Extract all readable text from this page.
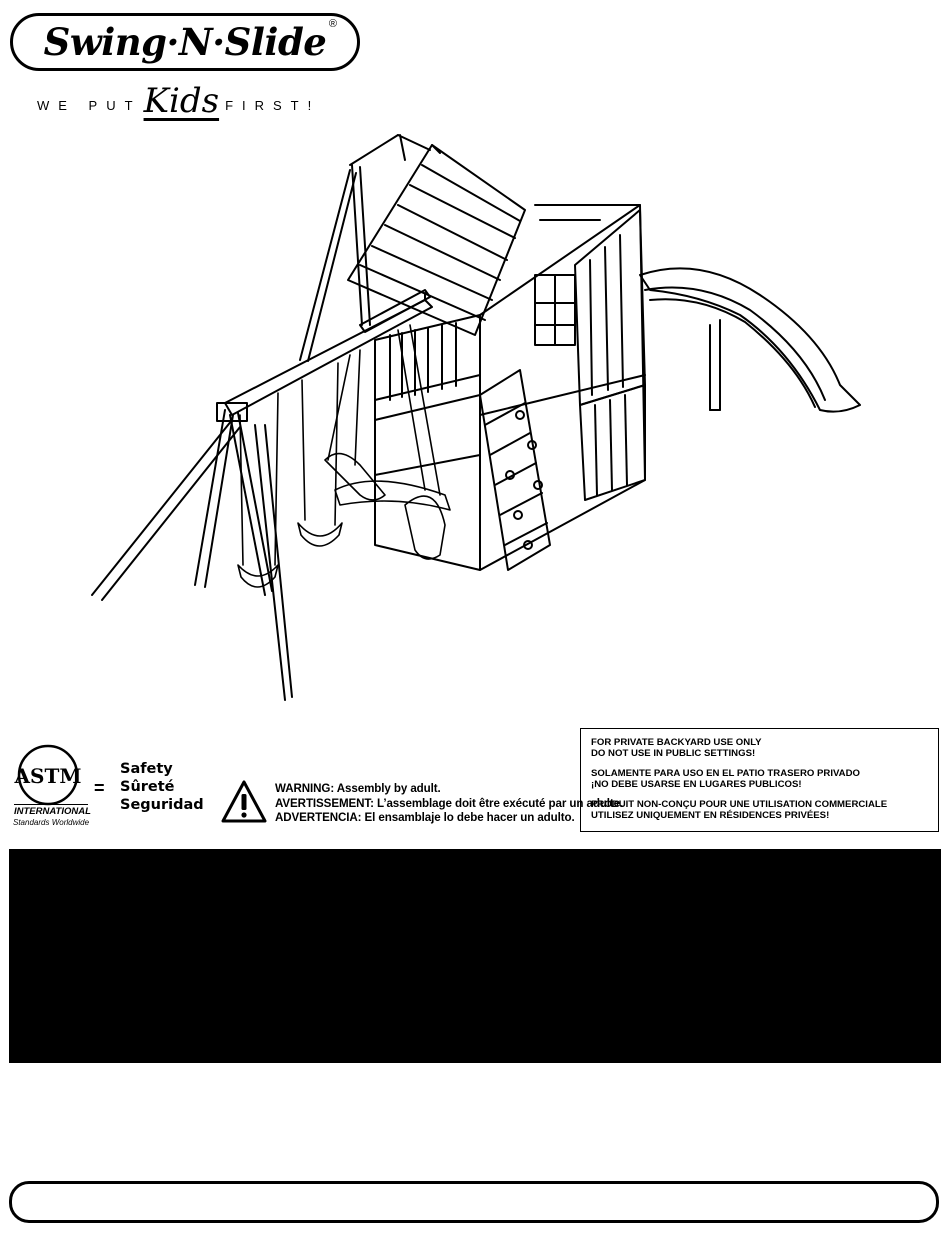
Swing·N·Slide ®
WE PUT Kids FIRST!
ASTM
INTERNATIONAL
Standards Worldwide
=
Safety
Sûreté
Seguridad
WARNING: Assembly by adult.
AVERTISSEMENT: L’assemblage doit être exécuté par un adulte.
ADVERTENCIA: El ensamblaje lo debe hacer un adulto.

FOR PRIVATE BACKYARD USE ONLY
DO NOT USE IN PUBLIC SETTINGS!

SOLAMENTE PARA USO EN EL PATIO TRASERO PRIVADO
¡NO DEBE USARSE EN LUGARES PUBLICOS!

PRODUIT NON-CONÇU POUR UNE UTILISATION COMMERCIALE
UTILISEZ UNIQUEMENT EN RÉSIDENCES PRIVÉES!
